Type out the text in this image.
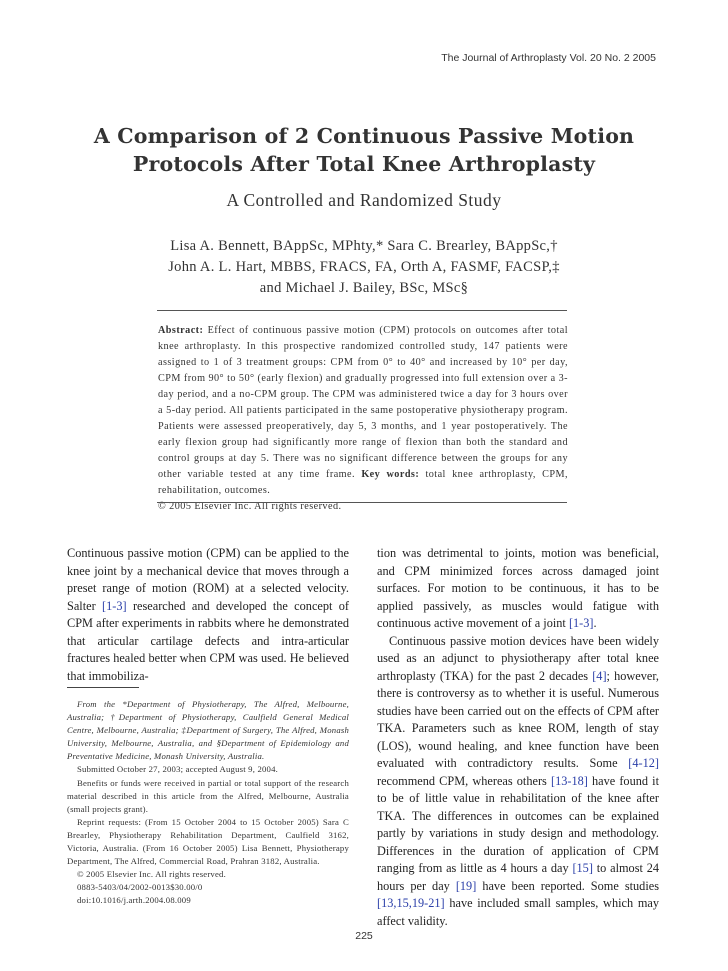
The Journal of Arthroplasty Vol. 20 No. 2 2005
A Comparison of 2 Continuous Passive Motion
Protocols After Total Knee Arthroplasty
A Controlled and Randomized Study
Lisa A. Bennett, BAppSc, MPhty,* Sara C. Brearley, BAppSc,†
John A. L. Hart, MBBS, FRACS, FA, Orth A, FASMF, FACSP,‡
and Michael J. Bailey, BSc, MSc§
Abstract: Effect of continuous passive motion (CPM) protocols on outcomes after total knee arthroplasty. In this prospective randomized controlled study, 147 patients were assigned to 1 of 3 treatment groups: CPM from 0° to 40° and increased by 10° per day, CPM from 90° to 50° (early flexion) and gradually progressed into full extension over a 3-day period, and a no-CPM group. The CPM was administered twice a day for 3 hours over a 5-day period. All patients participated in the same postoperative physiotherapy program. Patients were assessed preoperatively, day 5, 3 months, and 1 year postoperatively. The early flexion group had significantly more range of flexion than both the standard and control groups at day 5. There was no significant difference between the groups for any other variable tested at any time frame. Key words: total knee arthroplasty, CPM, rehabilitation, outcomes.
© 2005 Elsevier Inc. All rights reserved.

Continuous passive motion (CPM) can be applied to the knee joint by a mechanical device that moves through a preset range of motion (ROM) at a selected velocity. Salter [1-3] researched and developed the concept of CPM after experiments in rabbits where he demonstrated that articular cartilage defects and intra-articular fractures healed better when CPM was used. He believed that immobiliza-

From the *Department of Physiotherapy, The Alfred, Melbourne, Australia; †Department of Physiotherapy, Caulfield General Medical Centre, Melbourne, Australia; ‡Department of Surgery, The Alfred, Monash University, Melbourne, Australia, and §Department of Epidemiology and Preventative Medicine, Monash University, Australia.

Submitted October 27, 2003; accepted August 9, 2004.

Benefits or funds were received in partial or total support of the research material described in this article from the Alfred, Melbourne, Australia (small projects grant).

Reprint requests: (From 15 October 2004 to 15 October 2005) Sara C Brearley, Physiotherapy Rehabilitation Department, Caulfield 3162, Victoria, Australia. (From 16 October 2005) Lisa Bennett, Physiotherapy Department, The Alfred, Commercial Road, Prahran 3182, Australia.

© 2005 Elsevier Inc. All rights reserved.

0883-5403/04/2002-0013$30.00/0

doi:10.1016/j.arth.2004.08.009

tion was detrimental to joints, motion was beneficial, and CPM minimized forces across damaged joint surfaces. For motion to be continuous, it has to be applied passively, as muscles would fatigue with continuous active movement of a joint [1-3].

Continuous passive motion devices have been widely used as an adjunct to physiotherapy after total knee arthroplasty (TKA) for the past 2 decades [4]; however, there is controversy as to whether it is useful. Numerous studies have been carried out on the effects of CPM after TKA. Parameters such as knee ROM, length of stay (LOS), wound healing, and knee function have been evaluated with contradictory results. Some [4-12] recommend CPM, whereas others [13-18] have found it to be of little value in rehabilitation of the knee after TKA. The differences in outcomes can be explained partly by variations in study design and methodology. Differences in the duration of application of CPM ranging from as little as 4 hours a day [15] to almost 24 hours per day [19] have been reported. Some studies [13,15,19-21] have included small samples, which may affect validity.

225
